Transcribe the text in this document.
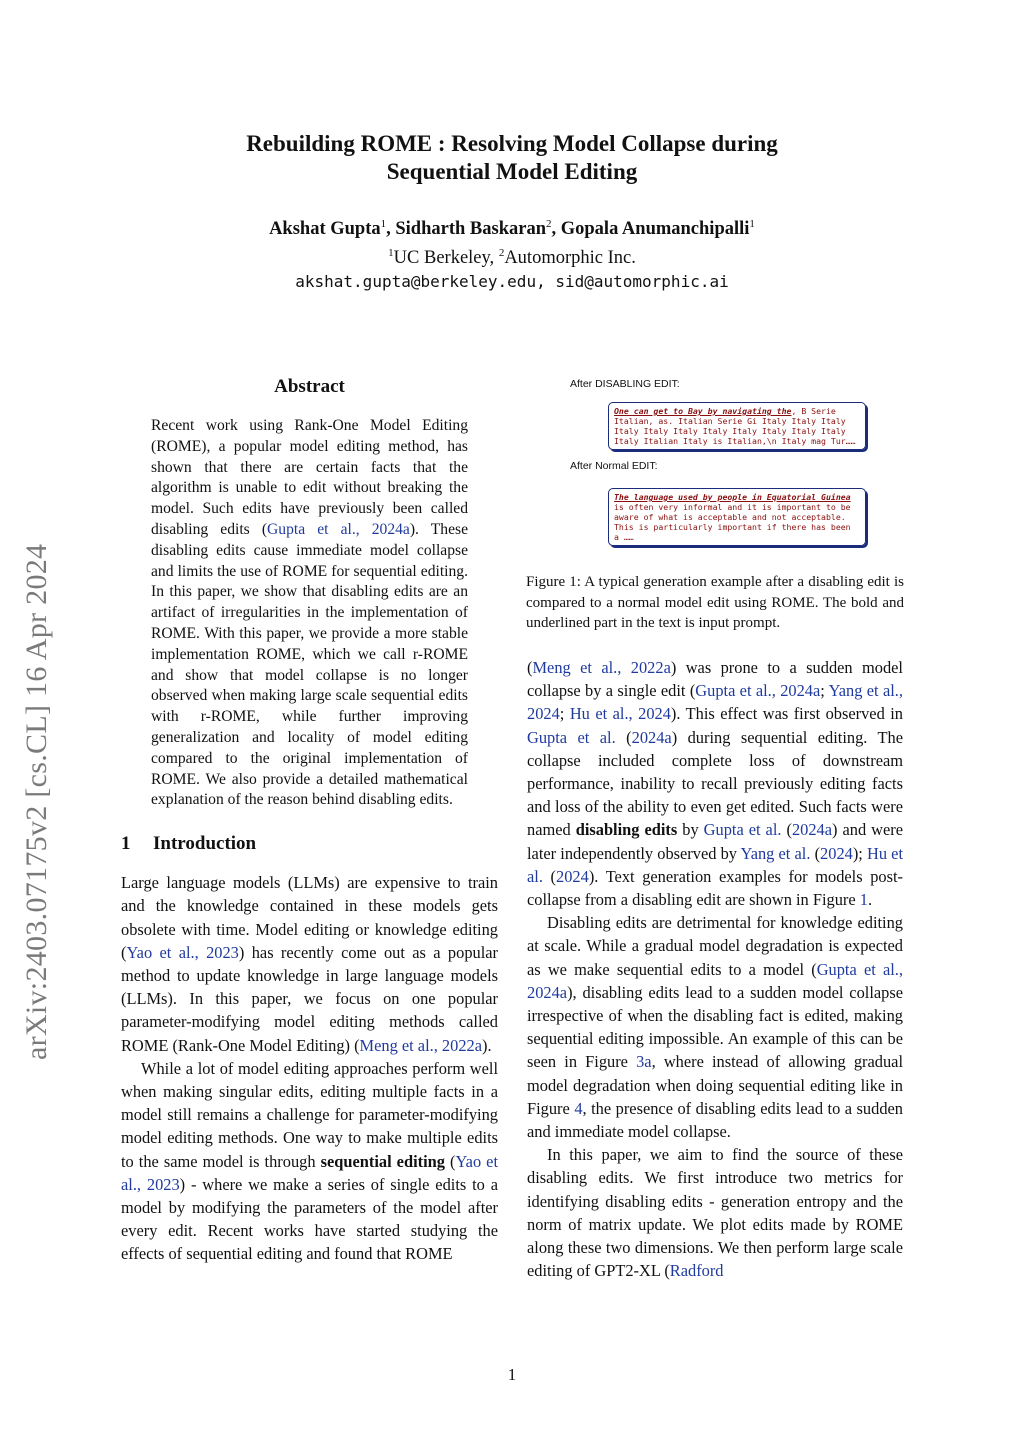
arXiv:2403.07175v2 [cs.CL] 16 Apr 2024
Rebuilding ROME : Resolving Model Collapse during
Sequential Model Editing
Akshat Gupta$^1$, Sidharth Baskaran$^2$, Gopala Anumanchipalli$^1$
$^1$UC Berkeley, $^2$Automorphic Inc.
akshat.gupta@berkeley.edu, sid@automorphic.ai
Abstract

Recent work using Rank-One Model Editing (ROME), a popular model editing method, has shown that there are certain facts that the algorithm is unable to edit without breaking the model. Such edits have previously been called disabling edits (Gupta et al., 2024a). These disabling edits cause immediate model collapse and limits the use of ROME for sequential editing. In this paper, we show that disabling edits are an artifact of irregularities in the implementation of ROME. With this paper, we provide a more stable implementation ROME, which we call r-ROME and show that model collapse is no longer observed when making large scale sequential edits with r-ROME, while further improving generalization and locality of model editing compared to the original implementation of ROME. We also provide a detailed mathematical explanation of the reason behind disabling edits.

1 Introduction

Large language models (LLMs) are expensive to train and the knowledge contained in these models gets obsolete with time. Model editing or knowledge editing (Yao et al., 2023) has recently come out as a popular method to update knowledge in large language models (LLMs). In this paper, we focus on one popular parameter-modifying model editing methods called ROME (Rank-One Model Editing) (Meng et al., 2022a).

While a lot of model editing approaches perform well when making singular edits, editing multiple facts in a model still remains a challenge for parameter-modifying model editing methods. One way to make multiple edits to the same model is through sequential editing (Yao et al., 2023) - where we make a series of single edits to a model by modifying the parameters of the model after every edit. Recent works have started studying the effects of sequential editing and found that ROME

After DISABLING EDIT:
One can get to Bay by navigating the, B Serie Italian, as. Italian Serie Gi Italy Italy Italy Italy Italy Italy Italy Italy Italy Italy Italy Italy Italian Italy is Italian,\n Italy mag Tur……
After Normal EDIT:
The language used by people in Equatorial Guinea is often very informal and it is important to be aware of what is acceptable and not acceptable. This is particularly important if there has been a ……
Figure 1: A typical generation example after a disabling edit is compared to a normal model edit using ROME. The bold and underlined part in the text is input prompt.

(Meng et al., 2022a) was prone to a sudden model collapse by a single edit (Gupta et al., 2024a; Yang et al., 2024; Hu et al., 2024). This effect was first observed in Gupta et al. (2024a) during sequential editing. The collapse included complete loss of downstream performance, inability to recall previously editing facts and loss of the ability to even get edited. Such facts were named disabling edits by Gupta et al. (2024a) and were later independently observed by Yang et al. (2024); Hu et al. (2024). Text generation examples for models post-collapse from a disabling edit are shown in Figure 1.

Disabling edits are detrimental for knowledge editing at scale. While a gradual model degradation is expected as we make sequential edits to a model (Gupta et al., 2024a), disabling edits lead to a sudden model collapse irrespective of when the disabling fact is edited, making sequential editing impossible. An example of this can be seen in Figure 3a, where instead of allowing gradual model degradation when doing sequential editing like in Figure 4, the presence of disabling edits lead to a sudden and immediate model collapse.

In this paper, we aim to find the source of these disabling edits. We first introduce two metrics for identifying disabling edits - generation entropy and the norm of matrix update. We plot edits made by ROME along these two dimensions. We then perform large scale editing of GPT2-XL (Radford

1
